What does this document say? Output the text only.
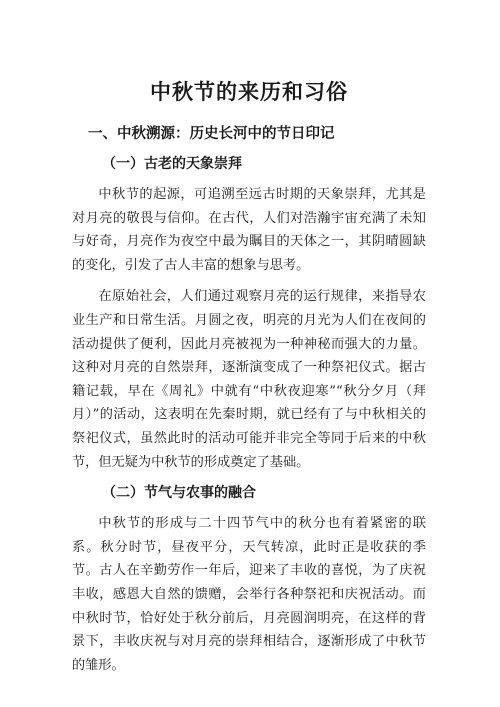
中秋节的来历和习俗
一、中秋溯源：历史长河中的节日印记
（一）古老的天象崇拜

中秋节的起源，可追溯至远古时期的天象崇拜，尤其是对月亮的敬畏与信仰。在古代，人们对浩瀚宇宙充满了未知与好奇，月亮作为夜空中最为瞩目的天体之一，其阴晴圆缺的变化，引发了古人丰富的想象与思考。

在原始社会，人们通过观察月亮的运行规律，来指导农业生产和日常生活。月圆之夜，明亮的月光为人们在夜间的活动提供了便利，因此月亮被视为一种神秘而强大的力量。这种对月亮的自然崇拜，逐渐演变成了一种祭祀仪式。据古籍记载，早在《周礼》中就有“中秋夜迎寒”“秋分夕月（拜月）”的活动，这表明在先秦时期，就已经有了与中秋相关的祭祀仪式，虽然此时的活动可能并非完全等同于后来的中秋节，但无疑为中秋节的形成奠定了基础。

（二）节气与农事的融合

中秋节的形成与二十四节气中的秋分也有着紧密的联系。秋分时节，昼夜平分，天气转凉，此时正是收获的季节。古人在辛勤劳作一年后，迎来了丰收的喜悦，为了庆祝丰收，感恩大自然的馈赠，会举行各种祭祀和庆祝活动。而中秋时节，恰好处于秋分前后，月亮圆润明亮，在这样的背景下，丰收庆祝与对月亮的崇拜相结合，逐渐形成了中秋节的雏形。
